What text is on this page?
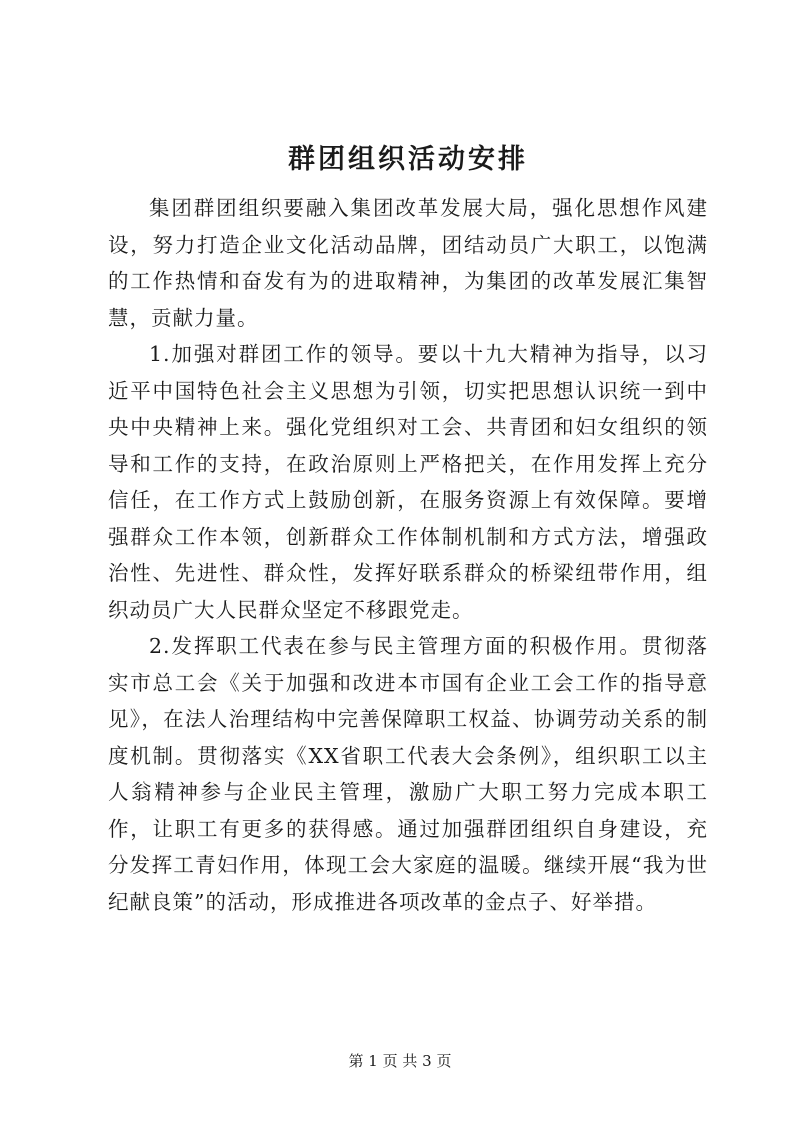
群团组织活动安排

集团群团组织要融入集团改革发展大局，强化思想作风建设，努力打造企业文化活动品牌，团结动员广大职工，以饱满的工作热情和奋发有为的进取精神，为集团的改革发展汇集智慧，贡献力量。

1.加强对群团工作的领导。要以十九大精神为指导，以习近平中国特色社会主义思想为引领，切实把思想认识统一到中央中央精神上来。强化党组织对工会、共青团和妇女组织的领导和工作的支持，在政治原则上严格把关，在作用发挥上充分信任，在工作方式上鼓励创新，在服务资源上有效保障。要增强群众工作本领，创新群众工作体制机制和方式方法，增强政治性、先进性、群众性，发挥好联系群众的桥梁纽带作用，组织动员广大人民群众坚定不移跟党走。

2.发挥职工代表在参与民主管理方面的积极作用。贯彻落实市总工会《关于加强和改进本市国有企业工会工作的指导意见》，在法人治理结构中完善保障职工权益、协调劳动关系的制度机制。贯彻落实《XX省职工代表大会条例》，组织职工以主人翁精神参与企业民主管理，激励广大职工努力完成本职工作，让职工有更多的获得感。通过加强群团组织自身建设，充分发挥工青妇作用，体现工会大家庭的温暖。继续开展“我为世纪献良策”的活动，形成推进各项改革的金点子、好举措。

第 1 页 共 3 页
